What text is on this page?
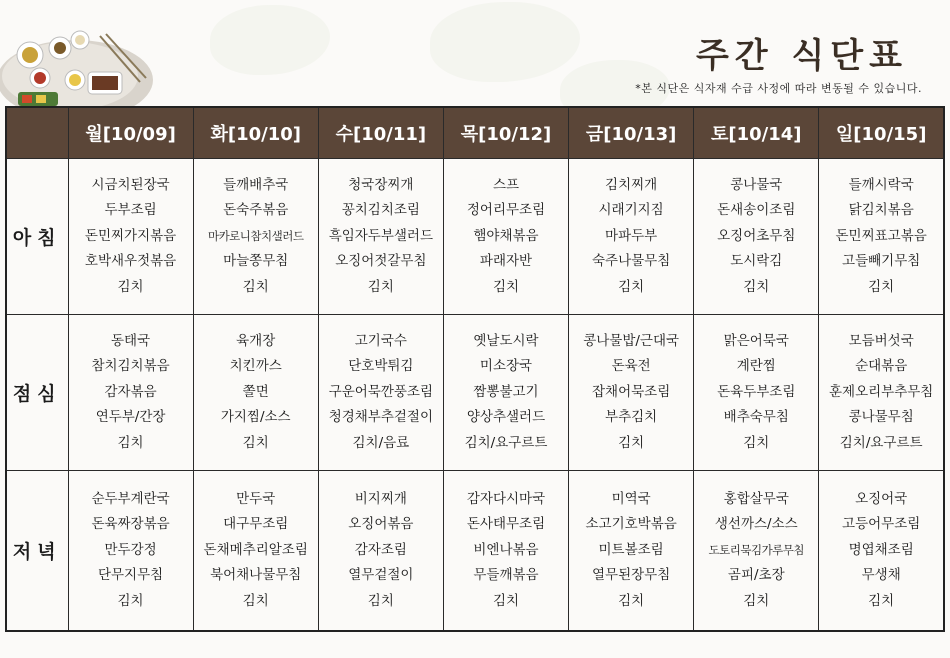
주간 식단표
*본 식단은 식자재 수급 사정에 따라 변동될 수 있습니다.
	월[10/09]	화[10/10]	수[10/11]	목[10/12]	금[10/13]	토[10/14]	일[10/15]
아침	시금치된장국
두부조림
돈민찌가지볶음
호박새우젓볶음
김치	들깨배추국
돈숙주볶음
마카로니참치샐러드
마늘쫑무침
김치	청국장찌개
꽁치김치조림
흑임자두부샐러드
오징어젓갈무침
김치	스프
정어리무조림
햄야채볶음
파래자반
김치	김치찌개
시래기지짐
마파두부
숙주나물무침
김치	콩나물국
돈새송이조림
오징어초무침
도시락김
김치	들깨시락국
닭김치볶음
돈민찌표고볶음
고들빼기무침
김치

점심	동태국
참치김치볶음
감자볶음
연두부/간장
김치	육개장
치킨까스
쫄면
가지찜/소스
김치	고기국수
단호박튀김
구운어묵깐풍조림
청경채부추겉절이
김치/음료	옛날도시락
미소장국
짬뽕불고기
양상추샐러드
김치/요구르트	콩나물밥/근대국
돈육전
잡채어묵조림
부추김치
김치	맑은어묵국
계란찜
돈육두부조림
배추숙무침
김치	모듬버섯국
순대볶음
훈제오리부추무침
콩나물무침
김치/요구르트

저녁	순두부계란국
돈육짜장볶음
만두강정
단무지무침
김치	만두국
대구무조림
돈채메추리알조림
북어채나물무침
김치	비지찌개
오징어볶음
감자조림
열무겉절이
김치	감자다시마국
돈사태무조림
비엔나볶음
무들깨볶음
김치	미역국
소고기호박볶음
미트볼조림
열무된장무침
김치	홍합살무국
생선까스/소스
도토리묵김가루무침
곰피/초장
김치	오징어국
고등어무조림
명엽채조림
무생채
김치
